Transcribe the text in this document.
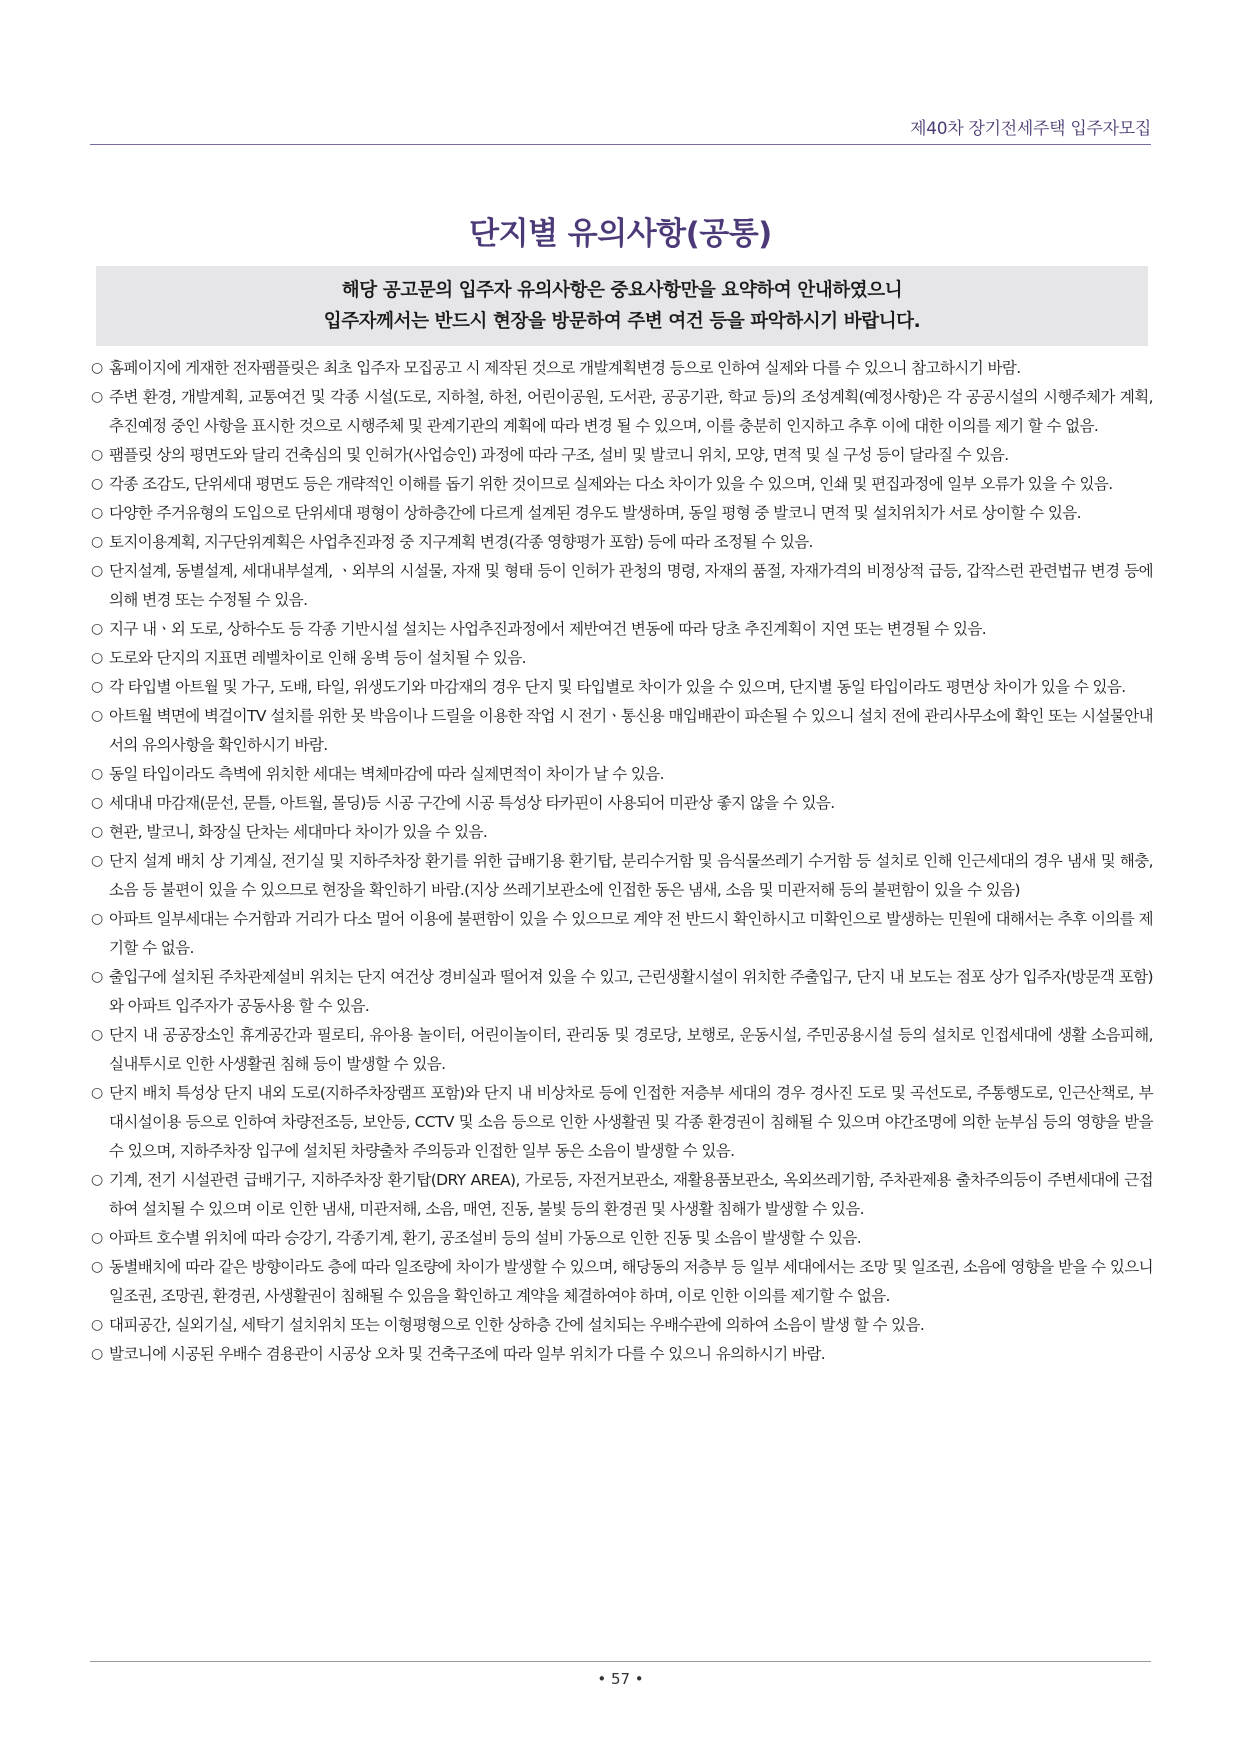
제40차 장기전세주택 입주자모집
단지별 유의사항(공통)
해당 공고문의 입주자 유의사항은 중요사항만을 요약하여 안내하였으니
입주자께서는 반드시 현장을 방문하여 주변 여건 등을 파악하시기 바랍니다.
○ 홈페이지에 게재한 전자팸플릿은 최초 입주자 모집공고 시 제작된 것으로 개발계획변경 등으로 인하여 실제와 다를 수 있으니 참고하시기 바람.
○ 주변 환경, 개발계획, 교통여건 및 각종 시설(도로, 지하철, 하천, 어린이공원, 도서관, 공공기관, 학교 등)의 조성계획(예정사항)은 각 공공시설의 시행주체가 계획, 추진예정 중인 사항을 표시한 것으로 시행주체 및 관계기관의 계획에 따라 변경 될 수 있으며, 이를 충분히 인지하고 추후 이에 대한 이의를 제기 할 수 없음.
○ 팸플릿 상의 평면도와 달리 건축심의 및 인허가(사업승인) 과정에 따라 구조, 설비 및 발코니 위치, 모양, 면적 및 실 구성 등이 달라질 수 있음.
○ 각종 조감도, 단위세대 평면도 등은 개략적인 이해를 돕기 위한 것이므로 실제와는 다소 차이가 있을 수 있으며, 인쇄 및 편집과정에 일부 오류가 있을 수 있음.
○ 다양한 주거유형의 도입으로 단위세대 평형이 상하층간에 다르게 설계된 경우도 발생하며, 동일 평형 중 발코니 면적 및 설치위치가 서로 상이할 수 있음.
○ 토지이용계획, 지구단위계획은 사업추진과정 중 지구계획 변경(각종 영향평가 포함) 등에 따라 조정될 수 있음.
○ 단지설계, 동별설계, 세대내부설계, ㆍ외부의 시설물, 자재 및 형태 등이 인허가 관청의 명령, 자재의 품절, 자재가격의 비정상적 급등, 갑작스런 관련법규 변경 등에 의해 변경 또는 수정될 수 있음.
○ 지구 내ㆍ외 도로, 상하수도 등 각종 기반시설 설치는 사업추진과정에서 제반여건 변동에 따라 당초 추진계획이 지연 또는 변경될 수 있음.
○ 도로와 단지의 지표면 레벨차이로 인해 옹벽 등이 설치될 수 있음.
○ 각 타입별 아트월 및 가구, 도배, 타일, 위생도기와 마감재의 경우 단지 및 타입별로 차이가 있을 수 있으며, 단지별 동일 타입이라도 평면상 차이가 있을 수 있음.
○ 아트월 벽면에 벽걸이TV 설치를 위한 못 박음이나 드릴을 이용한 작업 시 전기ㆍ통신용 매입배관이 파손될 수 있으니 설치 전에 관리사무소에 확인 또는 시설물안내서의 유의사항을 확인하시기 바람.
○ 동일 타입이라도 측벽에 위치한 세대는 벽체마감에 따라 실제면적이 차이가 날 수 있음.
○ 세대내 마감재(문선, 문틀, 아트월, 몰딩)등 시공 구간에 시공 특성상 타카핀이 사용되어 미관상 좋지 않을 수 있음.
○ 현관, 발코니, 화장실 단차는 세대마다 차이가 있을 수 있음.
○ 단지 설계 배치 상 기계실, 전기실 및 지하주차장 환기를 위한 급배기용 환기탑, 분리수거함 및 음식물쓰레기 수거함 등 설치로 인해 인근세대의 경우 냄새 및 해충, 소음 등 불편이 있을 수 있으므로 현장을 확인하기 바람.(지상 쓰레기보관소에 인접한 동은 냄새, 소음 및 미관저해 등의 불편함이 있을 수 있음)
○ 아파트 일부세대는 수거함과 거리가 다소 멀어 이용에 불편함이 있을 수 있으므로 계약 전 반드시 확인하시고 미확인으로 발생하는 민원에 대해서는 추후 이의를 제기할 수 없음.
○ 출입구에 설치된 주차관제설비 위치는 단지 여건상 경비실과 떨어져 있을 수 있고, 근린생활시설이 위치한 주출입구, 단지 내 보도는 점포 상가 입주자(방문객 포함)와 아파트 입주자가 공동사용 할 수 있음.
○ 단지 내 공공장소인 휴게공간과 필로티, 유아용 놀이터, 어린이놀이터, 관리동 및 경로당, 보행로, 운동시설, 주민공용시설 등의 설치로 인접세대에 생활 소음피해, 실내투시로 인한 사생활권 침해 등이 발생할 수 있음.
○ 단지 배치 특성상 단지 내외 도로(지하주차장램프 포함)와 단지 내 비상차로 등에 인접한 저층부 세대의 경우 경사진 도로 및 곡선도로, 주통행도로, 인근산책로, 부대시설이용 등으로 인하여 차량전조등, 보안등, CCTV 및 소음 등으로 인한 사생활권 및 각종 환경권이 침해될 수 있으며 야간조명에 의한 눈부심 등의 영향을 받을 수 있으며, 지하주차장 입구에 설치된 차량출차 주의등과 인접한 일부 동은 소음이 발생할 수 있음.
○ 기계, 전기 시설관련 급배기구, 지하주차장 환기탑(DRY AREA), 가로등, 자전거보관소, 재활용품보관소, 옥외쓰레기함, 주차관제용 출차주의등이 주변세대에 근접하여 설치될 수 있으며 이로 인한 냄새, 미관저해, 소음, 매연, 진동, 불빛 등의 환경권 및 사생활 침해가 발생할 수 있음.
○ 아파트 호수별 위치에 따라 승강기, 각종기계, 환기, 공조설비 등의 설비 가동으로 인한 진동 및 소음이 발생할 수 있음.
○ 동별배치에 따라 같은 방향이라도 층에 따라 일조량에 차이가 발생할 수 있으며, 해당동의 저층부 등 일부 세대에서는 조망 및 일조권, 소음에 영향을 받을 수 있으니 일조권, 조망권, 환경권, 사생활권이 침해될 수 있음을 확인하고 계약을 체결하여야 하며, 이로 인한 이의를 제기할 수 없음.
○ 대피공간, 실외기실, 세탁기 설치위치 또는 이형평형으로 인한 상하층 간에 설치되는 우배수관에 의하여 소음이 발생 할 수 있음.
○ 발코니에 시공된 우배수 겸용관이 시공상 오차 및 건축구조에 따라 일부 위치가 다를 수 있으니 유의하시기 바람.
• 57 •
